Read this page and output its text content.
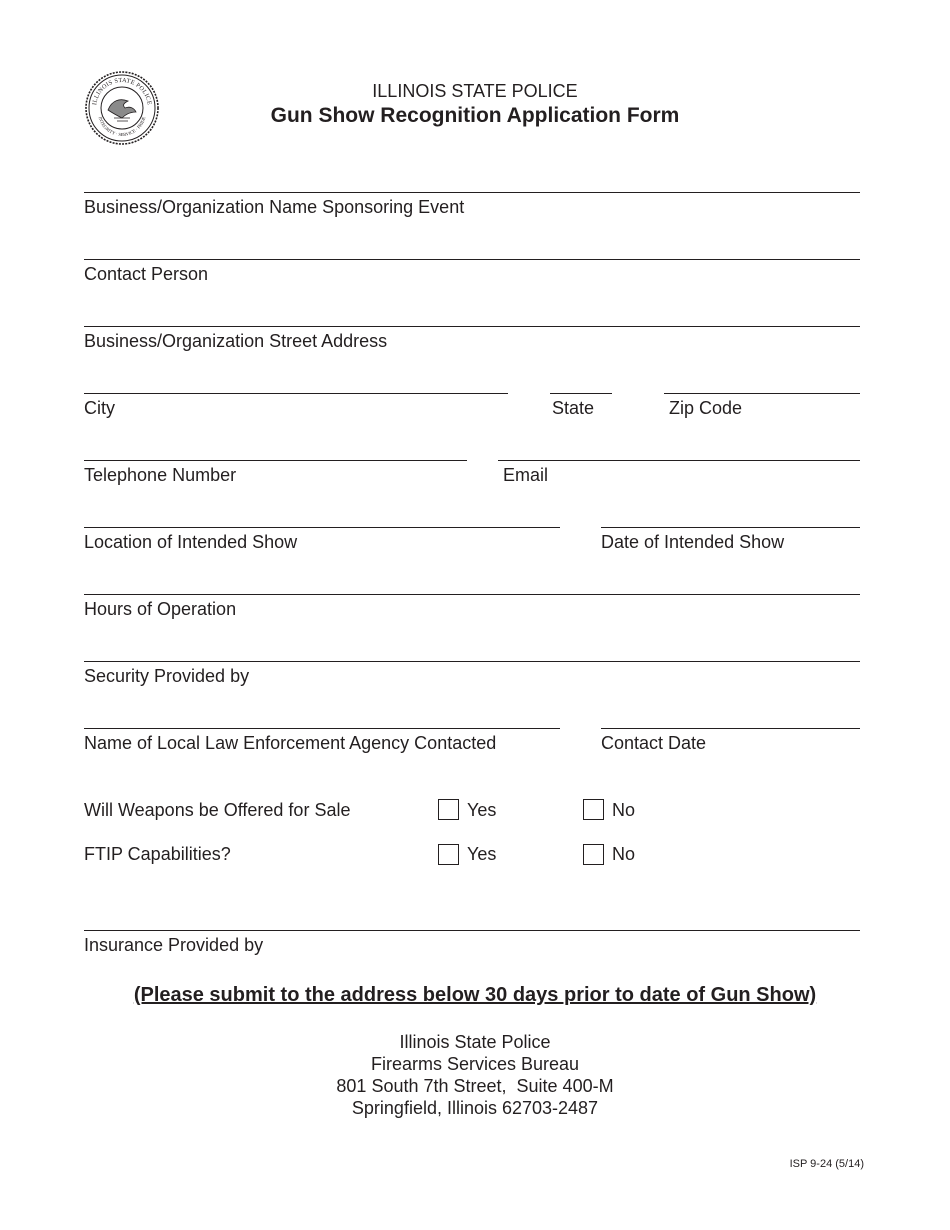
ILLINOIS STATE POLICE
INTEGRITY · SERVICE · PRIDE
ILLINOIS STATE POLICE
Gun Show Recognition Application Form
Business/Organization Name Sponsoring Event
Contact Person
Business/Organization Street Address
City	State	Zip Code
Telephone Number	Email
Location of Intended Show	Date of Intended Show
Hours of Operation
Security Provided by
Name of Local Law Enforcement Agency Contacted	Contact Date
Will Weapons be Offered for Sale	Yes	No
FTIP Capabilities?	Yes	No
Insurance Provided by
(Please submit to the address below 30 days prior to date of Gun Show)
Illinois State Police
Firearms Services Bureau
801 South 7th Street,  Suite 400-M
Springfield, Illinois 62703-2487
ISP 9-24 (5/14)
